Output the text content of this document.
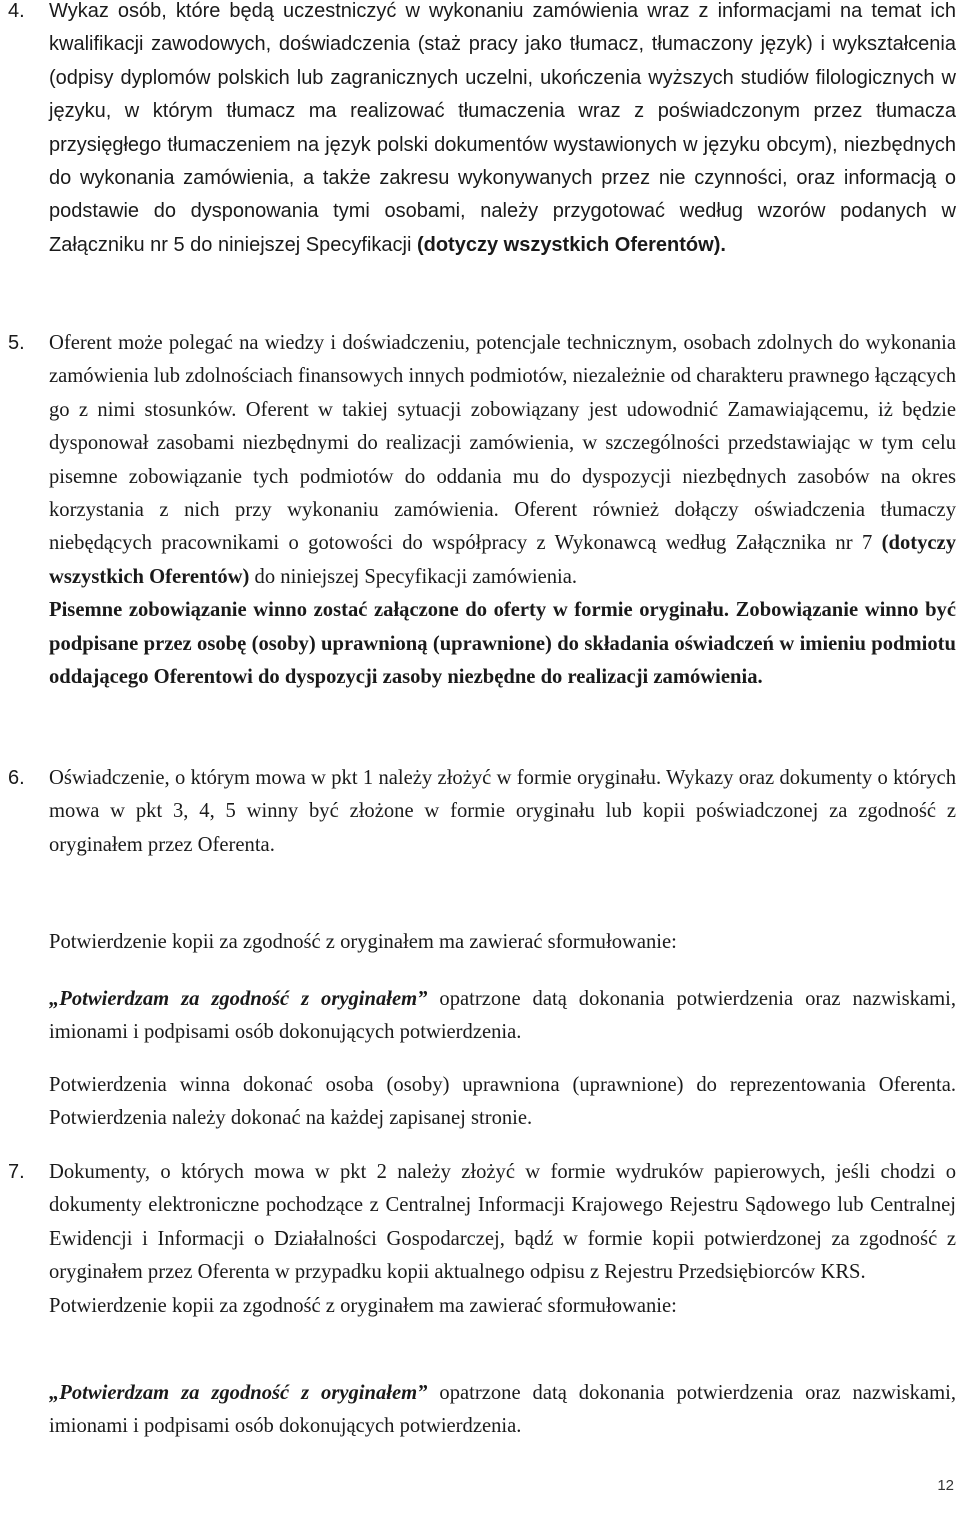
4.	Wykaz osób, które będą uczestniczyć w wykonaniu zamówienia wraz z informacjami na temat ich kwalifikacji zawodowych, doświadczenia (staż pracy jako tłumacz, tłumaczony język) i wykształcenia (odpisy dyplomów polskich lub zagranicznych uczelni, ukończenia wyższych studiów filologicznych w języku, w którym tłumacz ma realizować tłumaczenia wraz z poświadczonym przez tłumacza przysięgłego tłumaczeniem na język polski dokumentów wystawionych w języku obcym), niezbędnych do wykonania zamówienia, a także zakresu wykonywanych przez nie czynności, oraz informacją o podstawie do dysponowania tymi osobami, należy przygotować według wzorów podanych w Załączniku nr 5 do niniejszej Specyfikacji (dotyczy wszystkich Oferentów).
5.	Oferent może polegać na wiedzy i doświadczeniu, potencjale technicznym, osobach zdolnych do wykonania zamówienia lub zdolnościach finansowych innych podmiotów, niezależnie od charakteru prawnego łączących go z nimi stosunków. Oferent w takiej sytuacji zobowiązany jest udowodnić Zamawiającemu, iż będzie dysponował zasobami niezbędnymi do realizacji zamówienia, w szczególności przedstawiając w tym celu pisemne zobowiązanie tych podmiotów do oddania mu do dyspozycji niezbędnych zasobów na okres korzystania z nich przy wykonaniu zamówienia. Oferent również dołączy oświadczenia tłumaczy niebędących pracownikami o gotowości do współpracy z Wykonawcą według Załącznika nr 7 (dotyczy wszystkich Oferentów) do niniejszej Specyfikacji zamówienia.
Pisemne zobowiązanie winno zostać załączone do oferty w formie oryginału. Zobowiązanie winno być podpisane przez osobę (osoby) uprawnioną (uprawnione) do składania oświadczeń w imieniu podmiotu oddającego Oferentowi do dyspozycji zasoby niezbędne do realizacji zamówienia.
6.	Oświadczenie, o którym mowa w pkt 1 należy złożyć w formie oryginału. Wykazy oraz dokumenty o których mowa w pkt 3, 4, 5 winny być złożone w formie oryginału lub kopii poświadczonej za zgodność z oryginałem przez Oferenta.
Potwierdzenie kopii za zgodność z oryginałem ma zawierać sformułowanie:
„Potwierdzam za zgodność z oryginałem” opatrzone datą dokonania potwierdzenia oraz nazwiskami, imionami i podpisami osób dokonujących potwierdzenia.
Potwierdzenia winna dokonać osoba (osoby) uprawniona (uprawnione) do reprezentowania Oferenta. Potwierdzenia należy dokonać na każdej zapisanej stronie.
7.	Dokumenty, o których mowa w pkt 2 należy złożyć w formie wydruków papierowych, jeśli chodzi o dokumenty elektroniczne pochodzące z Centralnej Informacji Krajowego Rejestru Sądowego lub Centralnej Ewidencji i Informacji o Działalności Gospodarczej, bądź w formie kopii potwierdzonej za zgodność z oryginałem przez Oferenta w przypadku kopii aktualnego odpisu z Rejestru Przedsiębiorców KRS.
Potwierdzenie kopii za zgodność z oryginałem ma zawierać sformułowanie:
„Potwierdzam za zgodność z oryginałem” opatrzone datą dokonania potwierdzenia oraz nazwiskami, imionami i podpisami osób dokonujących potwierdzenia.
12
